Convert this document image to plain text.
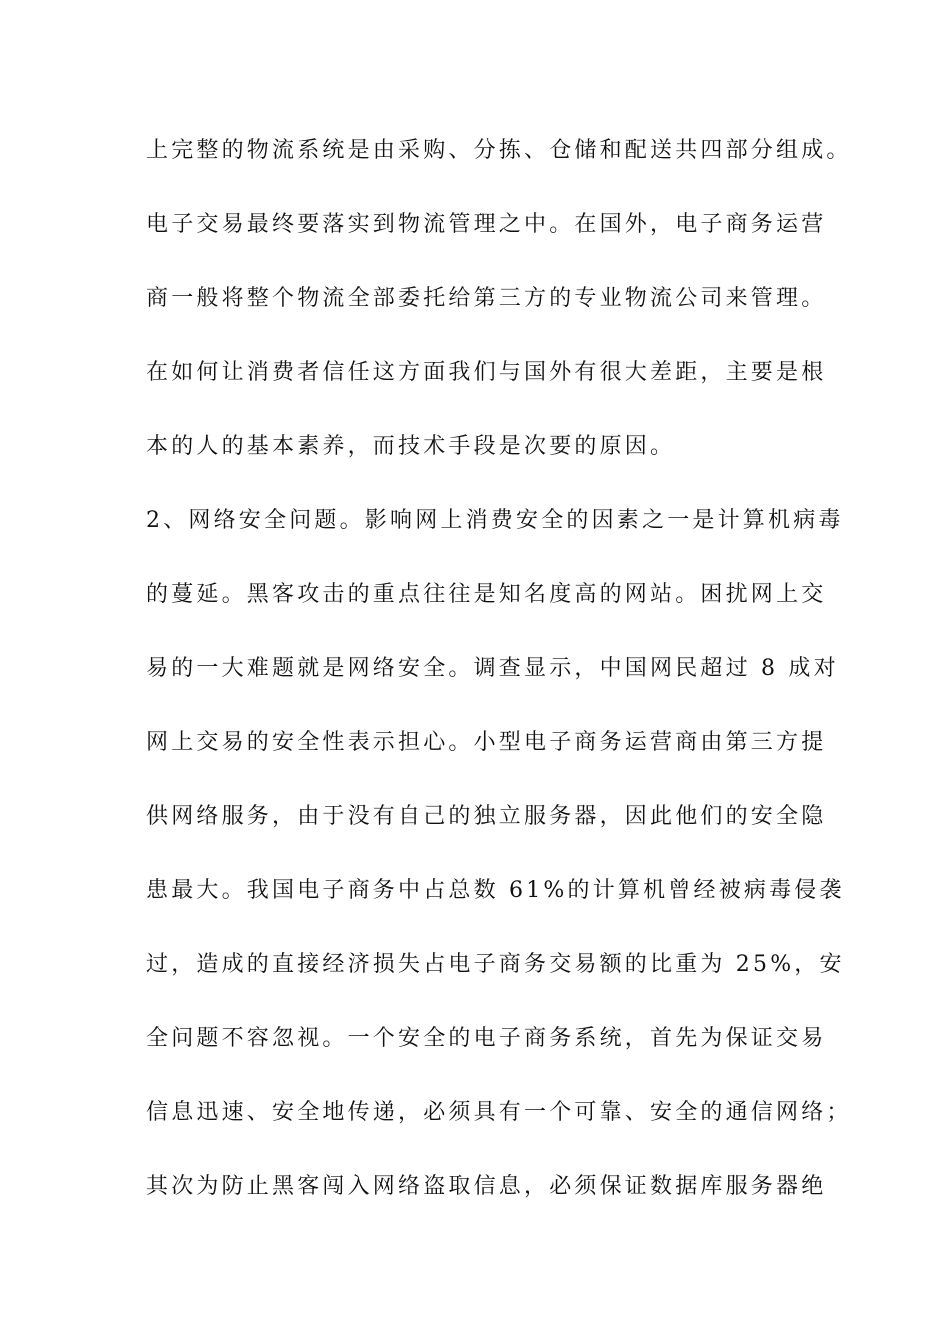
上完整的物流系统是由采购、分拣、仓储和配送共四部分组成。
电子交易最终要落实到物流管理之中。在国外，电子商务运营
商一般将整个物流全部委托给第三方的专业物流公司来管理。
在如何让消费者信任这方面我们与国外有很大差距，主要是根
本的人的基本素养，而技术手段是次要的原因。
2、网络安全问题。影响网上消费安全的因素之一是计算机病毒
的蔓延。黑客攻击的重点往往是知名度高的网站。困扰网上交
易的一大难题就是网络安全。调查显示，中国网民超过 8 成对
网上交易的安全性表示担心。小型电子商务运营商由第三方提
供网络服务，由于没有自己的独立服务器，因此他们的安全隐
患最大。我国电子商务中占总数 61%的计算机曾经被病毒侵袭
过，造成的直接经济损失占电子商务交易额的比重为 25%，安
全问题不容忽视。一个安全的电子商务系统，首先为保证交易
信息迅速、安全地传递，必须具有一个可靠、安全的通信网络；
其次为防止黑客闯入网络盗取信息，必须保证数据库服务器绝
